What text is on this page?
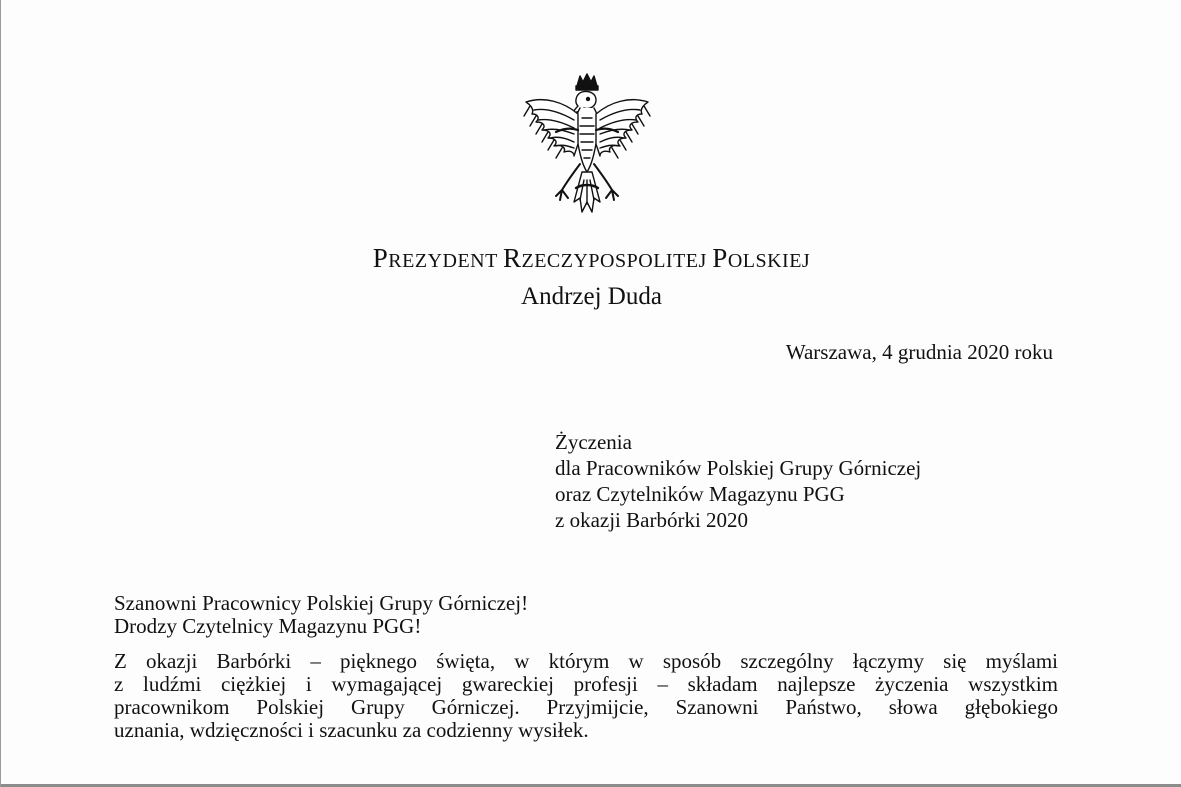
PREZYDENT RZECZYPOSPOLITEJ POLSKIEJ
Andrzej Duda
Warszawa, 4 grudnia 2020 roku
Życzenia
dla Pracowników Polskiej Grupy Górniczej
oraz Czytelników Magazynu PGG
z okazji Barbórki 2020
Szanowni Pracownicy Polskiej Grupy Górniczej!
Drodzy Czytelnicy Magazynu PGG!
Z okazji Barbórki – pięknego święta, w którym w sposób szczególny łączymy się myślami
z ludźmi ciężkiej i wymagającej gwareckiej profesji – składam najlepsze życzenia wszystkim
pracownikom Polskiej Grupy Górniczej. Przyjmijcie, Szanowni Państwo, słowa głębokiego
uznania, wdzięczności i szacunku za codzienny wysiłek.
